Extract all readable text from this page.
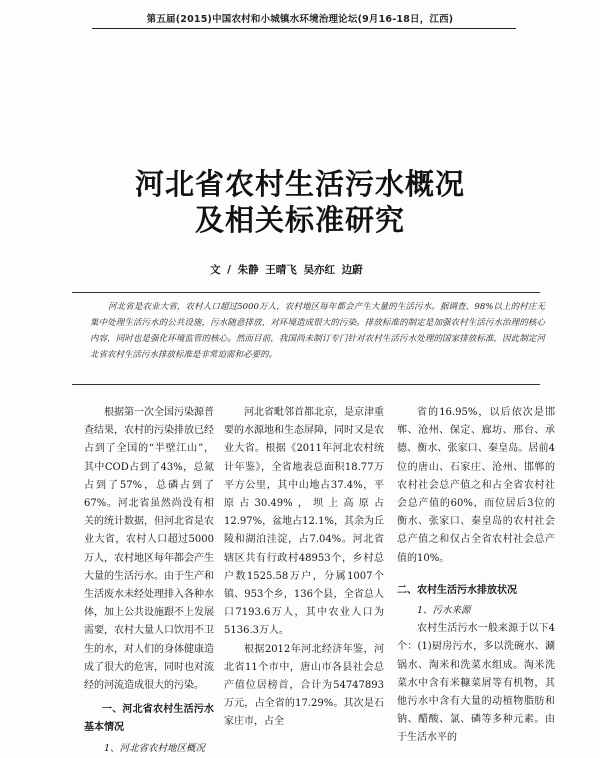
第五届(2015)中国农村和小城镇水环境治理论坛(9月16-18日，江西)
河北省农村生活污水概况
及相关标准研究
文 / 朱静 王晴飞 吴亦红 边蔚
河北省是农业大省，农村人口超过5000万人，农村地区每年都会产生大量的生活污水。据调查，98%以上的村庄无集中处理生活污水的公共设施，污水随意排放，对环境造成很大的污染。排放标准的制定是加强农村生活污水治理的核心内容，同时也是强化环境监管的核心。然而目前，我国尚未制订专门针对农村生活污水处理的国家排放标准，因此制定河北省农村生活污水排放标准是非常迫需和必要的。

根据第一次全国污染源普查结果，农村的污染排放已经占到了全国的“半壁江山”，其中COD占到了43%，总氮占到了57%，总磷占到了67%。河北省虽然尚没有相关的统计数据，但河北省是农业大省，农村人口超过5000万人，农村地区每年都会产生大量的生活污水。由于生产和生活废水未经处理排入各种水体，加上公共设施跟不上发展需要，农村大量人口饮用不卫生的水，对人们的身体健康造成了很大的危害，同时也对流经的河流造成很大的污染。

一、河北省农村生活污水基本情况

1、河北省农村地区概况

河北省毗邻首都北京，是京津重要的水源地和生态屏障，同时又是农业大省。根据《2011年河北农村统计年鉴》，全省地表总面积18.77万平方公里，其中山地占37.4%，平原占30.49%，坝上高原占12.97%，盆地占12.1%，其余为丘陵和湖泊洼淀，占7.04%。河北省辖区共有行政村48953个，乡村总户数1525.58万户，分属1007个镇、953个乡，136个县，全省总人口7193.6万人，其中农业人口为5136.3万人。

根据2012年河北经济年鉴，河北省11个市中，唐山市各县社会总产值位居榜首，合计为54747893万元，占全省的17.29%。其次是石家庄市，占全

省的16.95%，以后依次是邯郸、沧州、保定、廊坊、邢台、承德、衡水、张家口、秦皇岛。居前4位的唐山、石家庄、沧州、邯郸的农村社会总产值之和占全省农村社会总产值的60%，而位居后3位的衡水、张家口、秦皇岛的农村社会总产值之和仅占全省农村社会总产值的10%。

二、农村生活污水排放状况

1、污水来源

农村生活污水一般来源于以下4个：(1)厨房污水，多以洗碗水、涮锅水、淘米和洗菜水组成。淘米洗菜水中含有米糠菜屑等有机物，其他污水中含有大量的动植物脂肪和钠、醋酸、氯、磷等多种元素。由于生活水平的
